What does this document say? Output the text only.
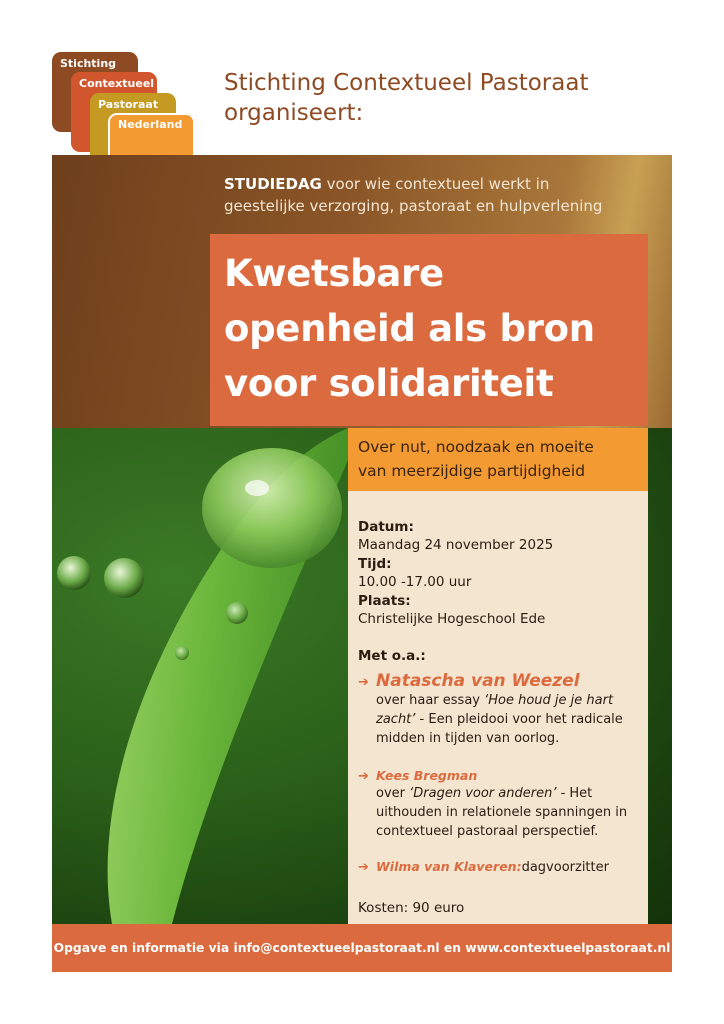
Stichting
Contextueel
Pastoraat
Nederland
Stichting Contextueel Pastoraat
organiseert:
STUDIEDAG voor wie contextueel werkt in
geestelijke verzorging, pastoraat en hulpverlening
Kwetsbare
openheid als bron
voor solidariteit
Over nut, noodzaak en moeite
van meerzijdige partijdigheid
Datum:
Maandag 24 november 2025
Tijd:
10.00 -17.00 uur
Plaats:
Christelijke Hogeschool Ede
Met o.a.:
➔ Natascha van Weezel
over haar essay ‘Hoe houd je je hart
zacht’ - Een pleidooi voor het radicale
midden in tijden van oorlog.
➔ Kees Bregman
over ‘Dragen voor anderen’ - Het
uithouden in relationele spanningen in
contextueel pastoraal perspectief.
➔ Wilma van Klaveren: dagvoorzitter
Kosten: 90 euro
Opgave en informatie via info@contextueelpastoraat.nl en www.contextueelpastoraat.nl
